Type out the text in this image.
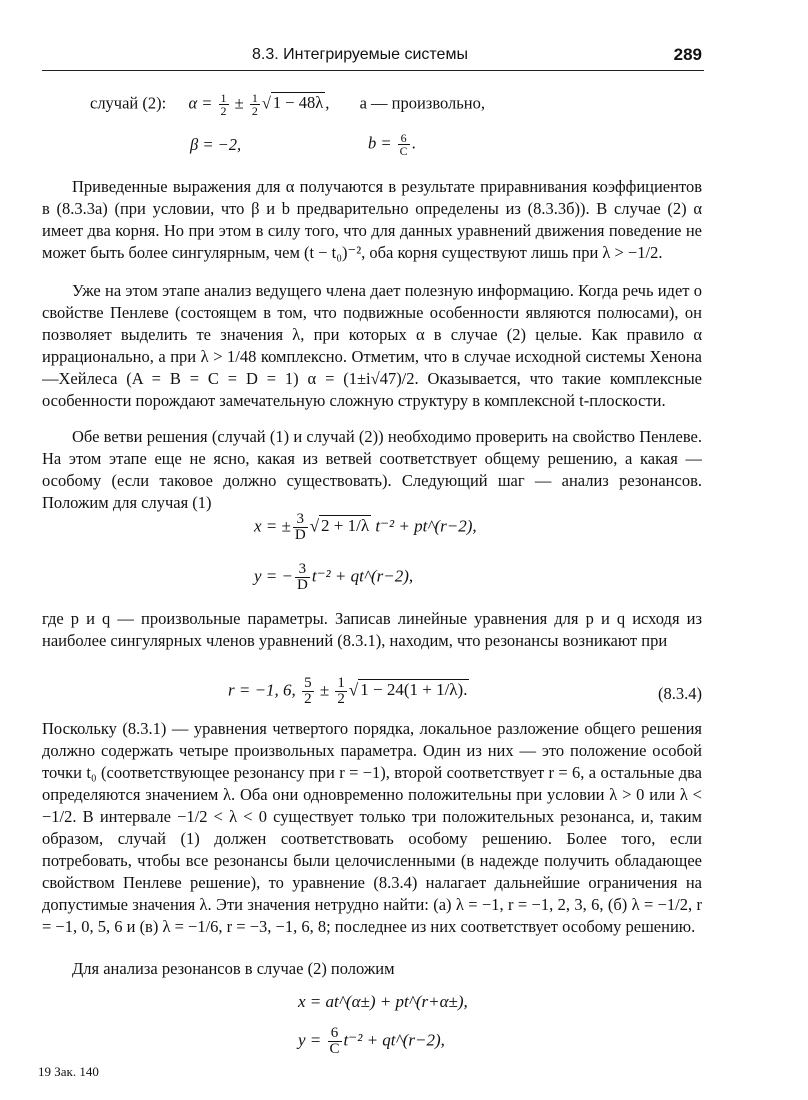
8.3. Интегрируемые системы	289
случай (2): $\alpha = \frac{1}{2} \pm \frac{1}{2}$ √ 1 − 48λ ,  a — произвольно,
β = −2,	$b = \frac{6}{C}$ .
Приведенные выражения для α получаются в результате приравнивания коэффициентов в (8.3.3а) (при условии, что β и b предварительно определены из (8.3.3б)). В случае (2) α имеет два корня. Но при этом в силу того, что для данных уравнений движения поведение не может быть более сингулярным, чем (t − t₀)⁻², оба корня существуют лишь при λ > −1/2.
Уже на этом этапе анализ ведущего члена дает полезную информацию. Когда речь идет о свойстве Пенлеве (состоящем в том, что подвижные особенности являются полюсами), он позволяет выделить те значения λ, при которых α в случае (2) целые. Как правило α иррационально, а при λ > 1/48 комплексно. Отметим, что в случае исходной системы Хенона—Хейлеса (A = B = C = D = 1) α = (1±i√47)/2. Оказывается, что такие комплексные особенности порождают замечательную сложную структуру в комплексной t-плоскости.
Обе ветви решения (случай (1) и случай (2)) необходимо проверить на свойство Пенлеве. На этом этапе еще не ясно, какая из ветвей соответствует общему решению, а какая — особому (если таковое должно существовать). Следующий шаг — анализ резонансов. Положим для случая (1)
x = ± $\frac{3}{D}$ √ 2 + 1/λ t⁻² + pt^(r−2),
y = − $\frac{3}{D} t^{-2}$ + qt^(r−2),
где p и q — произвольные параметры. Записав линейные уравнения для p и q исходя из наиболее сингулярных членов уравнений (8.3.1), находим, что резонансы возникают при
r = −1, 6, $\frac{5}{2} \pm \frac{1}{2}$ √ 1 − 24(1 + 1/λ).	(8.3.4)
Поскольку (8.3.1) — уравнения четвертого порядка, локальное разложение общего решения должно содержать четыре произвольных параметра. Один из них — это положение особой точки t₀ (соответствующее резонансу при r = −1), второй соответствует r = 6, а остальные два определяются значением λ. Оба они одновременно положительны при условии λ > 0 или λ < −1/2. В интервале −1/2 < λ < 0 существует только три положительных резонанса, и, таким образом, случай (1) должен соответствовать особому решению. Более того, если потребовать, чтобы все резонансы были целочисленными (в надежде получить обладающее свойством Пенлеве решение), то уравнение (8.3.4) налагает дальнейшие ограничения на допустимые значения λ. Эти значения нетрудно найти: (а) λ = −1, r = −1, 2, 3, 6, (б) λ = −1/2, r = −1, 0, 5, 6 и (в) λ = −1/6, r = −3, −1, 6, 8; последнее из них соответствует особому решению.
Для анализа резонансов в случае (2) положим
x = at^(α±) + pt^(r+α±),
$y = \frac{6}{C} t^{-2}$ + qt^(r−2),
19 Зак. 140
